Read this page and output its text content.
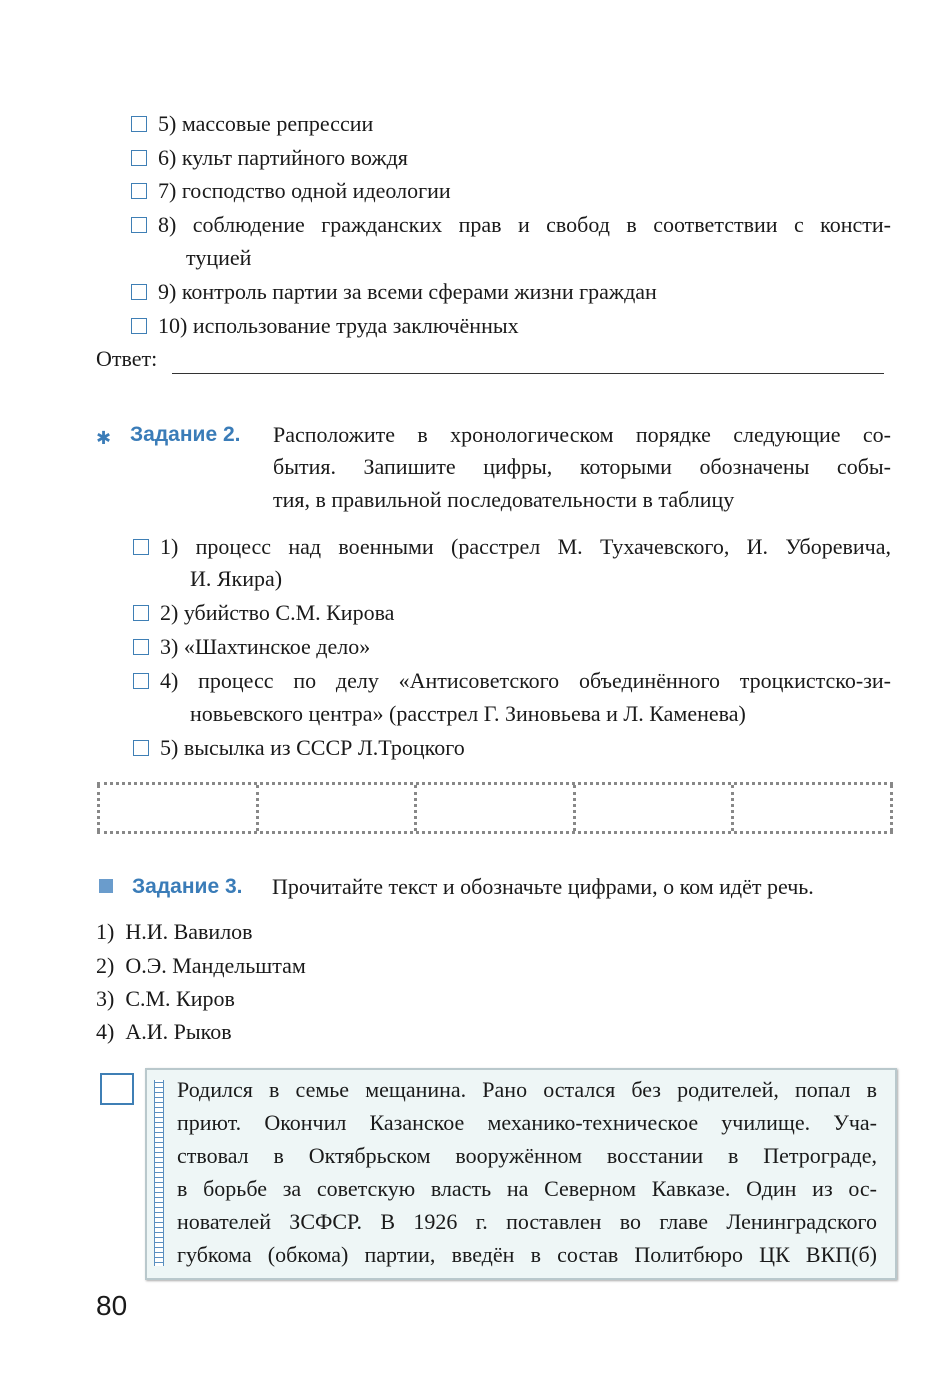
5) массовые репрессии
6) культ партийного вождя
7) господство одной идеологии
8) соблюдение гражданских прав и свобод в соответствии с консти-
туцией
9) контроль партии за всеми сферами жизни граждан
10) использование труда заключённых
Ответ:
✱ Задание 2. Расположите в хронологическом порядке следующие со-
бытия. Запишите цифры, которыми обозначены собы-
тия, в правильной последовательности в таблицу
1) процесс над военными (расстрел М. Тухачевского, И. Уборевича,
И. Якира)
2) убийство С.М. Кирова
3) «Шахтинское дело»
4) процесс по делу «Антисоветского объединённого троцкистско-зи-
новьевского центра» (расстрел Г. Зиновьева и Л. Каменева)
5) высылка из СССР Л.Троцкого
Задание 3. Прочитайте текст и обозначьте цифрами, о ком идёт речь.
1)  Н.И. Вавилов
2)  О.Э. Мандельштам
3)  С.М. Киров
4)  А.И. Рыков
Родился в семье мещанина. Рано остался без родителей, попал в
приют. Окончил Казанское механико-техническое училище. Уча-
ствовал в Октябрьском вооружённом восстании в Петрограде,
в борьбе за советскую власть на Северном Кавказе. Один из ос-
нователей ЗСФСР. В 1926 г. поставлен во главе Ленинградского
губкома (обкома) партии, введён в состав Политбюро ЦК ВКП(б)
80
